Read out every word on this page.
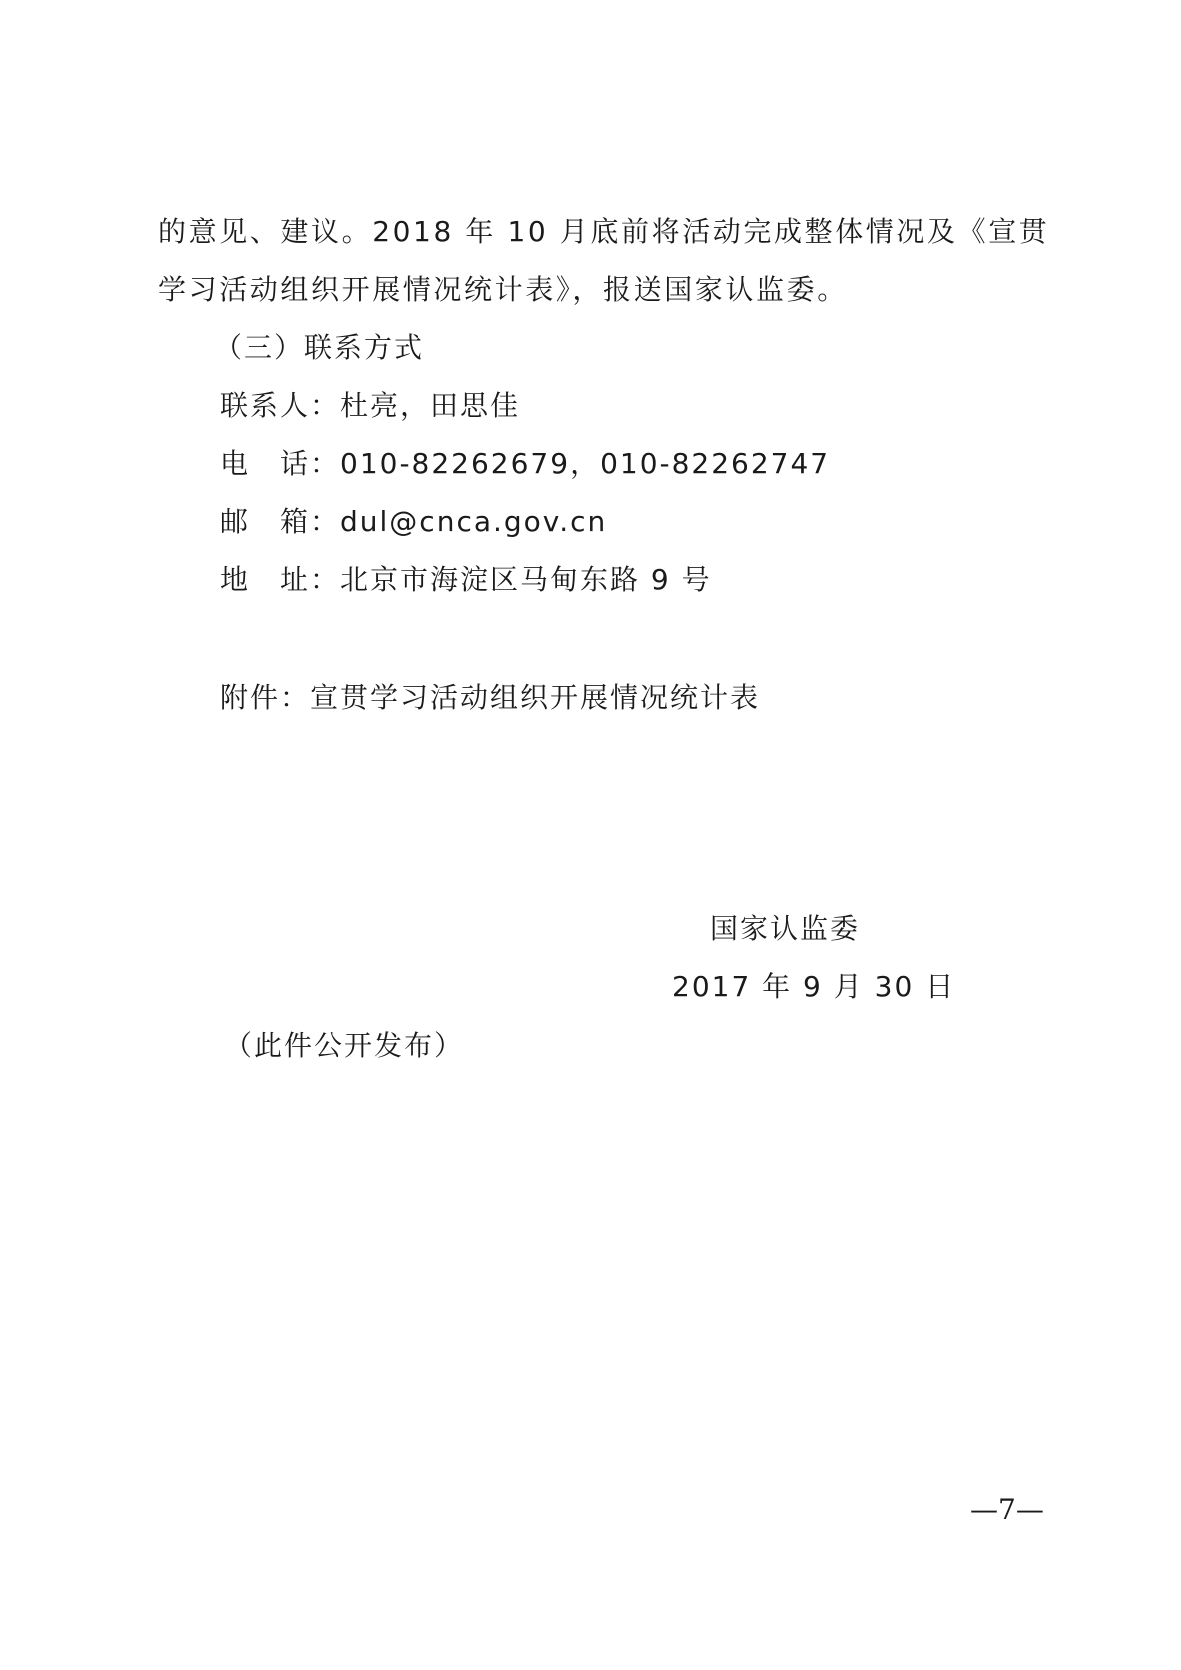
的意见、建议。2018 年 10 月底前将活动完成整体情况及《宣贯
学习活动组织开展情况统计表》，报送国家认监委。
（三）联系方式
联系人：杜亮，田思佳
电　话：010-82262679，010-82262747
邮　箱：dul@cnca.gov.cn
地　址：北京市海淀区马甸东路 9 号
附件：宣贯学习活动组织开展情况统计表
国家认监委
2017 年 9 月 30 日
（此件公开发布）
—7—
